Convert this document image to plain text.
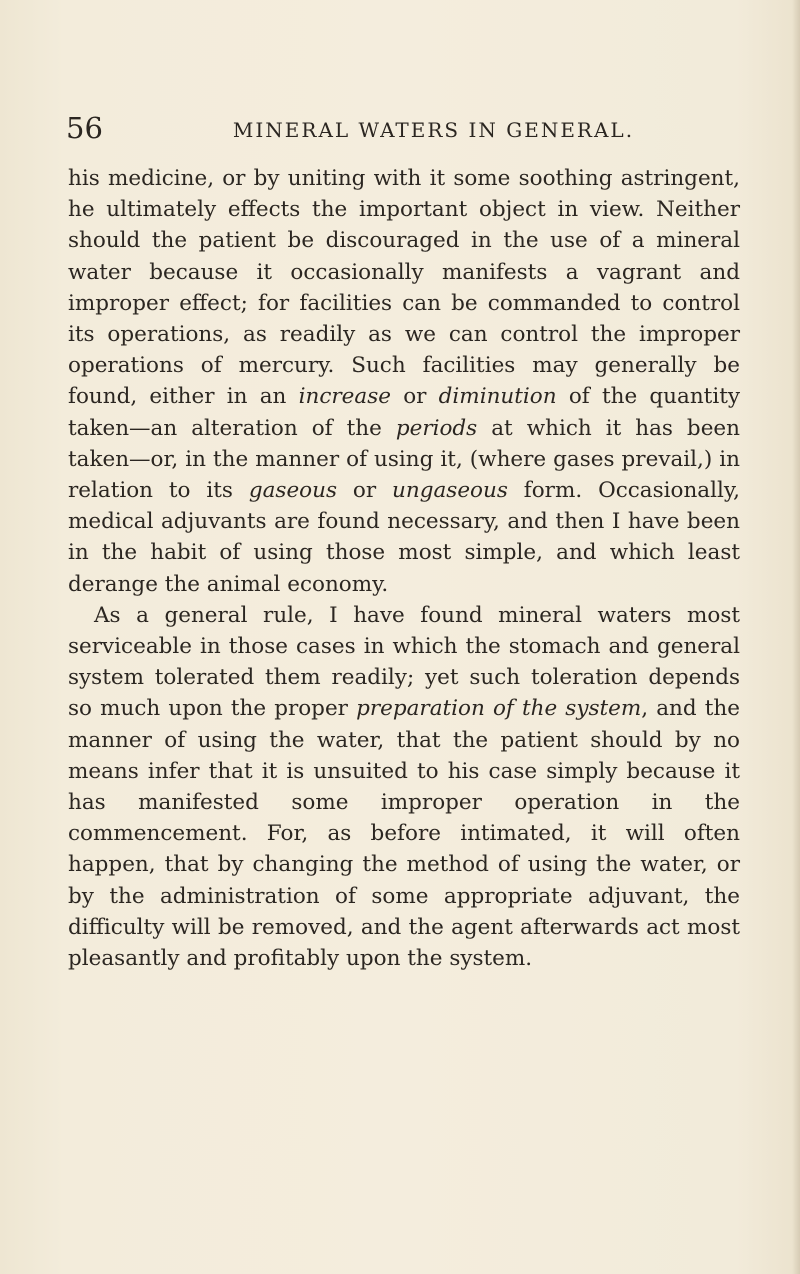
56	MINERAL WATERS IN GENERAL.

his medicine, or by uniting with it some soothing astringent, he ultimately effects the important object in view. Neither should the patient be discouraged in the use of a mineral water because it occasionally manifests a vagrant and improper effect; for facilities can be commanded to control its operations, as readily as we can control the improper operations of mercury. Such facilities may generally be found, either in an increase or diminution of the quantity taken—an alteration of the periods at which it has been taken—or, in the manner of using it, (where gases prevail,) in relation to its gaseous or ungaseous form. Occasionally, medical adjuvants are found necessary, and then I have been in the habit of using those most simple, and which least derange the animal economy.

As a general rule, I have found mineral waters most serviceable in those cases in which the stomach and general system tolerated them readily; yet such toleration depends so much upon the proper preparation of the system, and the manner of using the water, that the patient should by no means infer that it is unsuited to his case simply because it has manifested some improper operation in the commencement. For, as before intimated, it will often happen, that by changing the method of using the water, or by the administration of some appropriate adjuvant, the difficulty will be removed, and the agent afterwards act most pleasantly and profitably upon the system.
